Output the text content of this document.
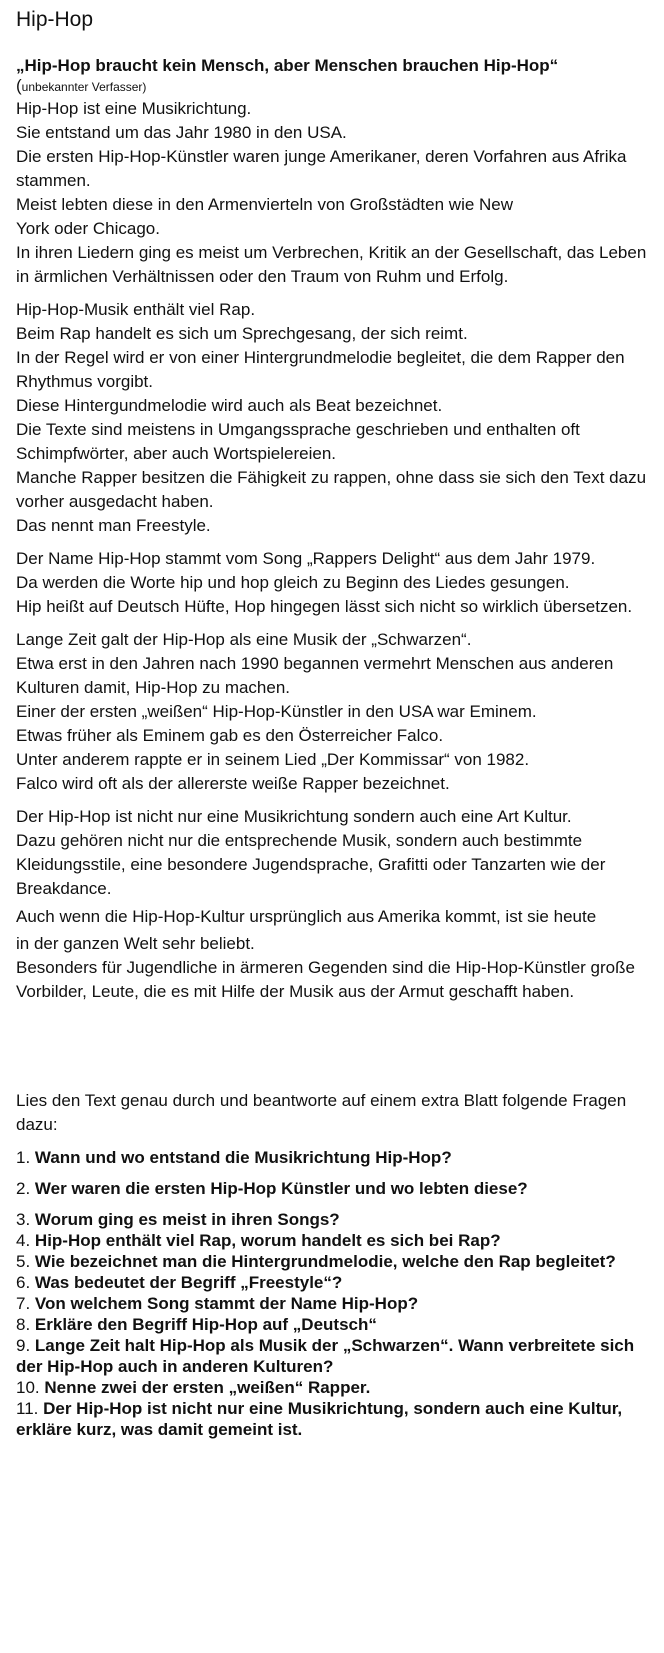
Hip-Hop
„Hip-Hop braucht kein Mensch, aber Menschen brauchen Hip-Hop“
(unbekannter Verfasser)

Hip-Hop ist eine Musikrichtung.

Sie entstand um das Jahr 1980 in den USA.

Die ersten Hip-Hop-Künstler waren junge Amerikaner, deren Vorfahren aus Afrika stammen.

Meist lebten diese in den Armenvierteln von Großstädten wie New

York oder Chicago.

In ihren Liedern ging es meist um Verbrechen, Kritik an der Gesellschaft, das Leben in ärmlichen Verhältnissen oder den Traum von Ruhm und Erfolg.

Hip-Hop-Musik enthält viel Rap.

Beim Rap handelt es sich um Sprechgesang, der sich reimt.

In der Regel wird er von einer Hintergrundmelodie begleitet, die dem Rapper den Rhythmus vorgibt.

Diese Hintergundmelodie wird auch als Beat bezeichnet.

Die Texte sind meistens in Umgangssprache geschrieben und enthalten oft Schimpfwörter, aber auch Wortspielereien.

Manche Rapper besitzen die Fähigkeit zu rappen, ohne dass sie sich den Text dazu vorher ausgedacht haben.

Das nennt man Freestyle.

Der Name Hip-Hop stammt vom Song „Rappers Delight“ aus dem Jahr 1979.

Da werden die Worte hip und hop gleich zu Beginn des Liedes gesungen.

Hip heißt auf Deutsch Hüfte, Hop hingegen lässt sich nicht so wirklich übersetzen.

Lange Zeit galt der Hip-Hop als eine Musik der „Schwarzen“.

Etwa erst in den Jahren nach 1990 begannen vermehrt Menschen aus anderen Kulturen damit, Hip-Hop zu machen.

Einer der ersten „weißen“ Hip-Hop-Künstler in den USA war Eminem.

Etwas früher als Eminem gab es den Österreicher Falco.

Unter anderem rappte er in seinem Lied „Der Kommissar“ von 1982.

Falco wird oft als der allererste weiße Rapper bezeichnet.

Der Hip-Hop ist nicht nur eine Musikrichtung sondern auch eine Art Kultur.

Dazu gehören nicht nur die entsprechende Musik, sondern auch bestimmte Kleidungsstile, eine besondere Jugendsprache, Grafitti oder Tanzarten wie der Breakdance.

Auch wenn die Hip-Hop-Kultur ursprünglich aus Amerika kommt, ist sie heute

in der ganzen Welt sehr beliebt.

Besonders für Jugendliche in ärmeren Gegenden sind die Hip-Hop-Künstler große Vorbilder, Leute, die es mit Hilfe der Musik aus der Armut geschafft haben.

Lies den Text genau durch und beantworte auf einem extra Blatt folgende Fragen dazu:
1. Wann und wo entstand die Musikrichtung Hip-Hop?
2. Wer waren die ersten Hip-Hop Künstler und wo lebten diese?
3. Worum ging es meist in ihren Songs?
4. Hip-Hop enthält viel Rap, worum handelt es sich bei Rap?
5. Wie bezeichnet man die Hintergrundmelodie, welche den Rap begleitet?
6. Was bedeutet der Begriff „Freestyle“?
7. Von welchem Song stammt der Name Hip-Hop?
8. Erkläre den Begriff Hip-Hop auf „Deutsch“
9. Lange Zeit halt Hip-Hop als Musik der „Schwarzen“. Wann verbreitete sich der Hip-Hop auch in anderen Kulturen?
10. Nenne zwei der ersten „weißen“ Rapper.
11. Der Hip-Hop ist nicht nur eine Musikrichtung, sondern auch eine Kultur, erkläre kurz, was damit gemeint ist.
